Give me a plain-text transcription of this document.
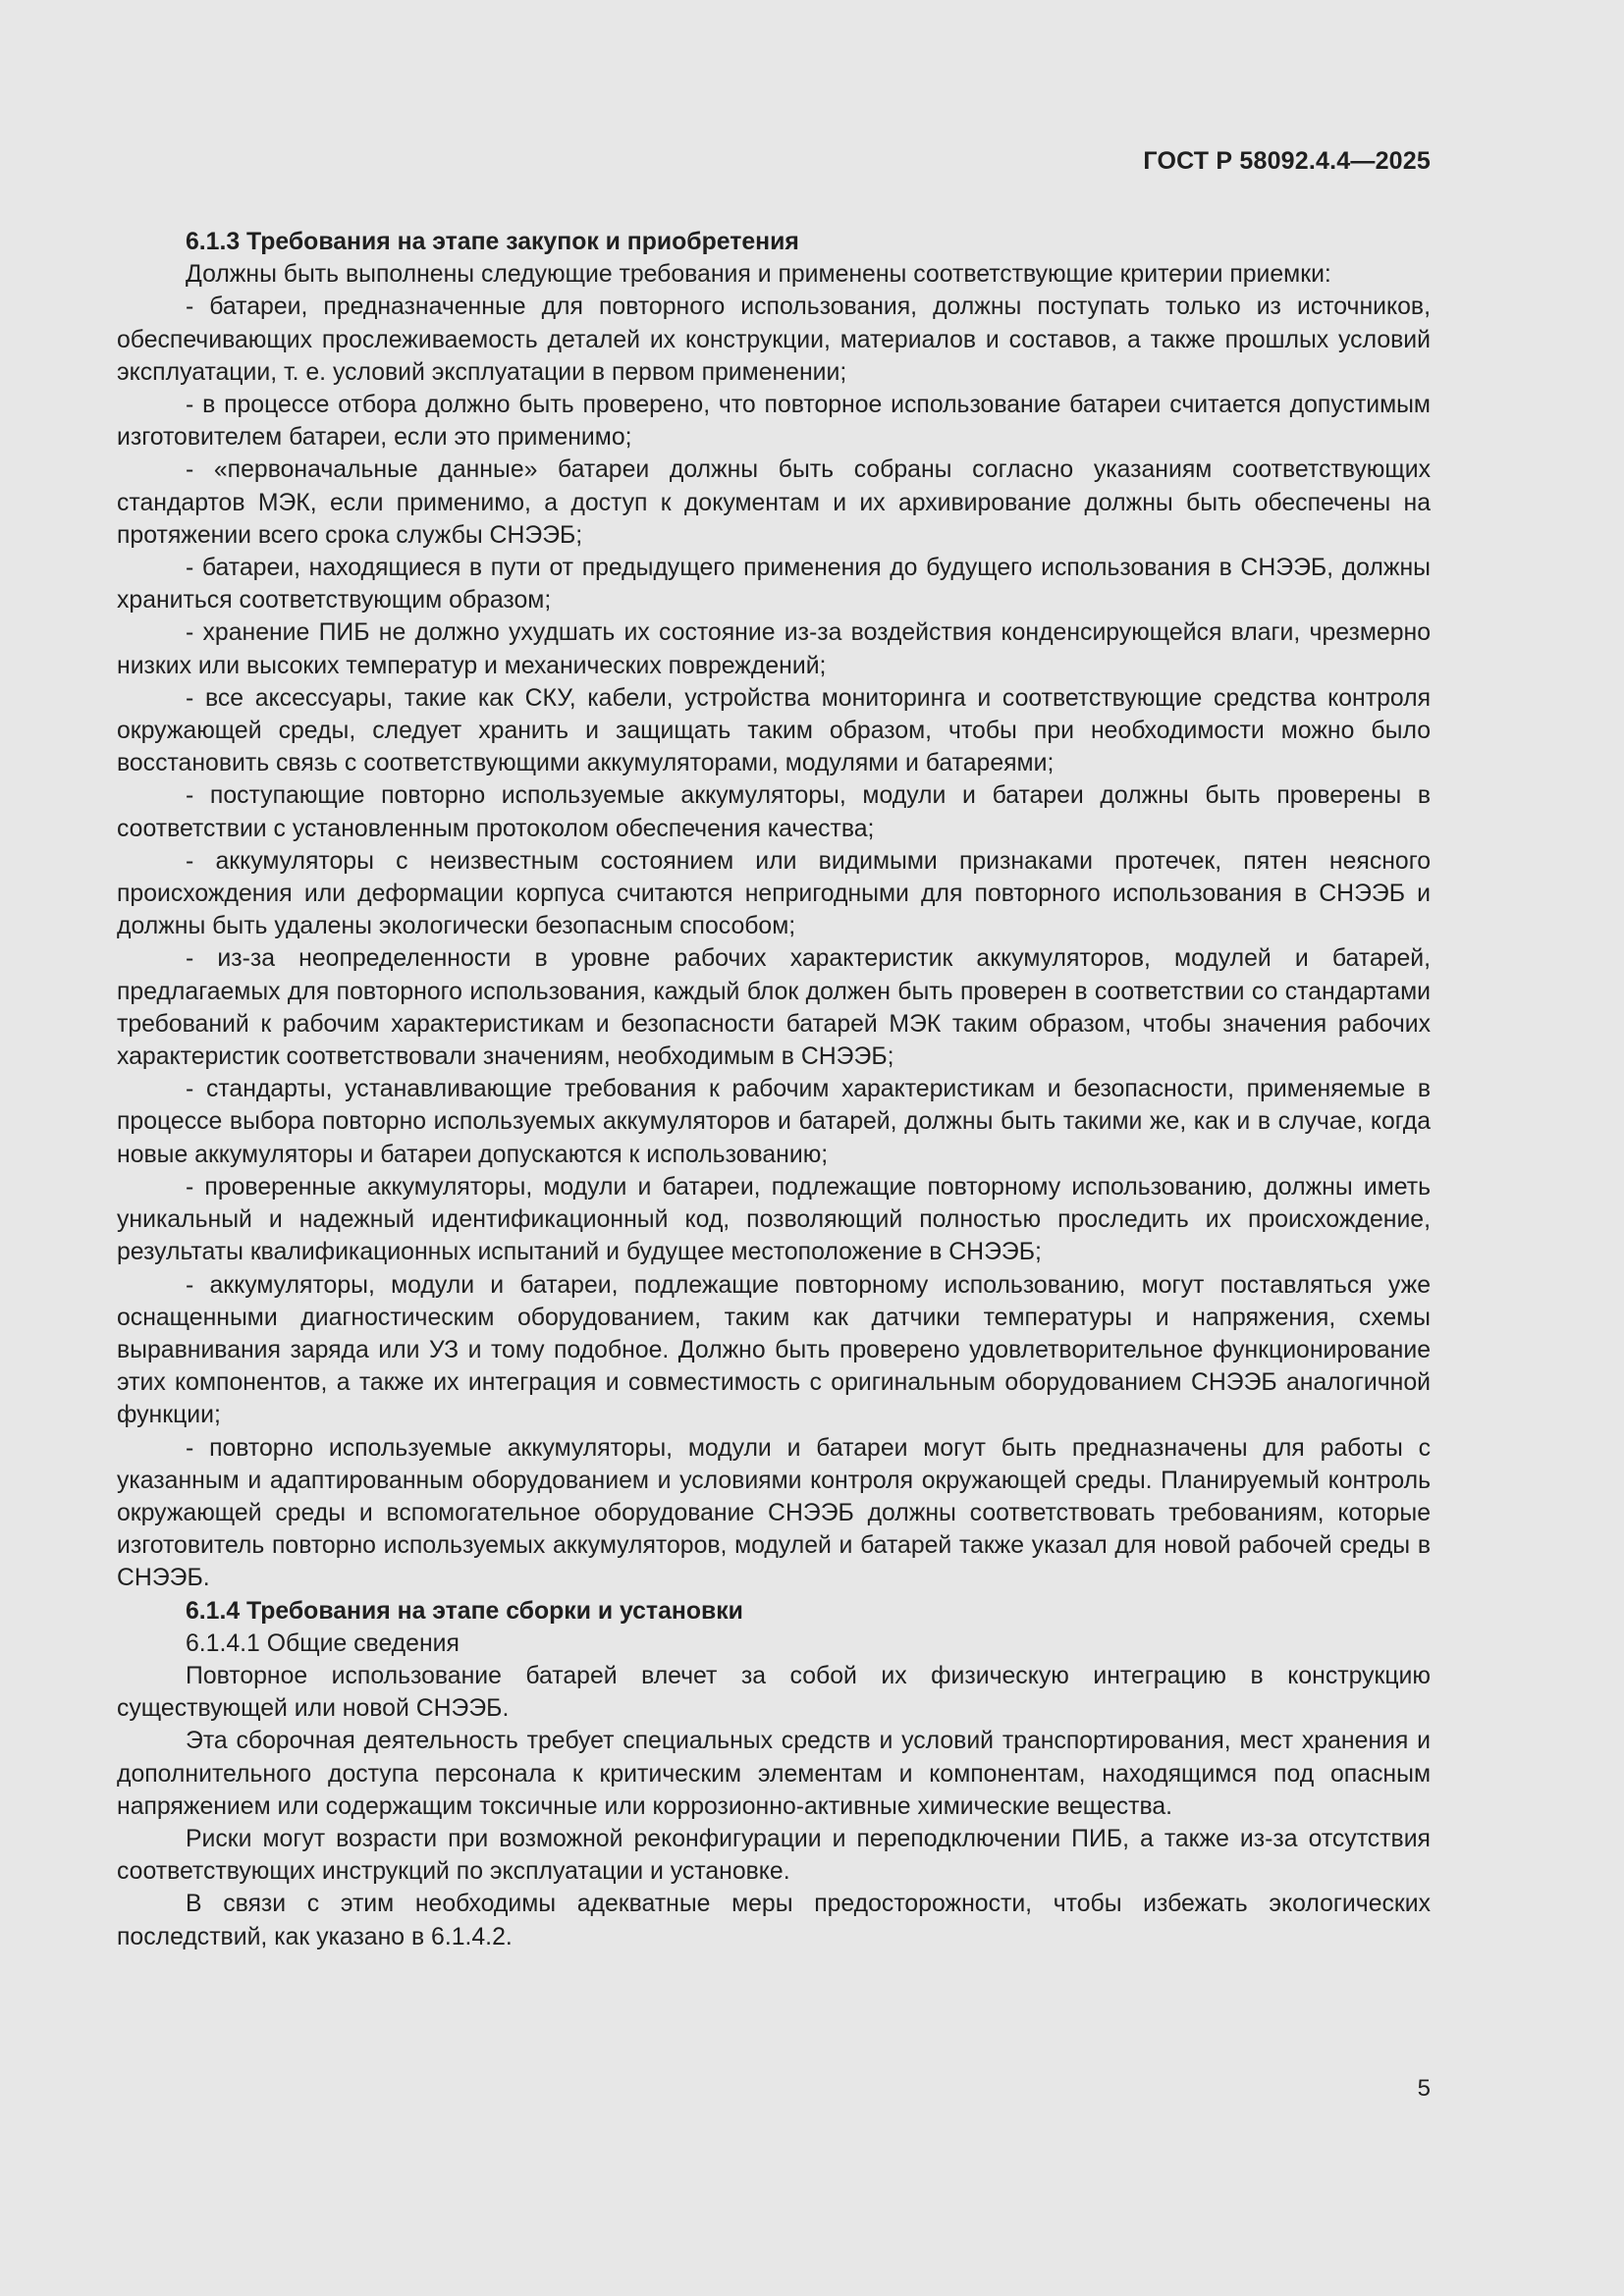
ГОСТ Р 58092.4.4—2025

6.1.3 Требования на этапе закупок и приобретения

Должны быть выполнены следующие требования и применены соответствующие критерии приемки:

- батареи, предназначенные для повторного использования, должны поступать только из источников, обеспечивающих прослеживаемость деталей их конструкции, материалов и составов, а также прошлых условий эксплуатации, т. е. условий эксплуатации в первом применении;

- в процессе отбора должно быть проверено, что повторное использование батареи считается допустимым изготовителем батареи, если это применимо;

- «первоначальные данные» батареи должны быть собраны согласно указаниям соответствующих стандартов МЭК, если применимо, а доступ к документам и их архивирование должны быть обеспечены на протяжении всего срока службы СНЭЭБ;

- батареи, находящиеся в пути от предыдущего применения до будущего использования в СНЭЭБ, должны храниться соответствующим образом;

- хранение ПИБ не должно ухудшать их состояние из-за воздействия конденсирующейся влаги, чрезмерно низких или высоких температур и механических повреждений;

- все аксессуары, такие как СКУ, кабели, устройства мониторинга и соответствующие средства контроля окружающей среды, следует хранить и защищать таким образом, чтобы при необходимости можно было восстановить связь с соответствующими аккумуляторами, модулями и батареями;

- поступающие повторно используемые аккумуляторы, модули и батареи должны быть проверены в соответствии с установленным протоколом обеспечения качества;

- аккумуляторы с неизвестным состоянием или видимыми признаками протечек, пятен неясного происхождения или деформации корпуса считаются непригодными для повторного использования в СНЭЭБ и должны быть удалены экологически безопасным способом;

- из-за неопределенности в уровне рабочих характеристик аккумуляторов, модулей и батарей, предлагаемых для повторного использования, каждый блок должен быть проверен в соответствии со стандартами требований к рабочим характеристикам и безопасности батарей МЭК таким образом, чтобы значения рабочих характеристик соответствовали значениям, необходимым в СНЭЭБ;

- стандарты, устанавливающие требования к рабочим характеристикам и безопасности, применяемые в процессе выбора повторно используемых аккумуляторов и батарей, должны быть такими же, как и в случае, когда новые аккумуляторы и батареи допускаются к использованию;

- проверенные аккумуляторы, модули и батареи, подлежащие повторному использованию, должны иметь уникальный и надежный идентификационный код, позволяющий полностью проследить их происхождение, результаты квалификационных испытаний и будущее местоположение в СНЭЭБ;

- аккумуляторы, модули и батареи, подлежащие повторному использованию, могут поставляться уже оснащенными диагностическим оборудованием, таким как датчики температуры и напряжения, схемы выравнивания заряда или УЗ и тому подобное. Должно быть проверено удовлетворительное функционирование этих компонентов, а также их интеграция и совместимость с оригинальным оборудованием СНЭЭБ аналогичной функции;

- повторно используемые аккумуляторы, модули и батареи могут быть предназначены для работы с указанным и адаптированным оборудованием и условиями контроля окружающей среды. Планируемый контроль окружающей среды и вспомогательное оборудование СНЭЭБ должны соответствовать требованиям, которые изготовитель повторно используемых аккумуляторов, модулей и батарей также указал для новой рабочей среды в СНЭЭБ.

6.1.4 Требования на этапе сборки и установки

6.1.4.1 Общие сведения

Повторное использование батарей влечет за собой их физическую интеграцию в конструкцию существующей или новой СНЭЭБ.

Эта сборочная деятельность требует специальных средств и условий транспортирования, мест хранения и дополнительного доступа персонала к критическим элементам и компонентам, находящимся под опасным напряжением или содержащим токсичные или коррозионно-активные химические вещества.

Риски могут возрасти при возможной реконфигурации и переподключении ПИБ, а также из-за отсутствия соответствующих инструкций по эксплуатации и установке.

В связи с этим необходимы адекватные меры предосторожности, чтобы избежать экологических последствий, как указано в 6.1.4.2.

5
